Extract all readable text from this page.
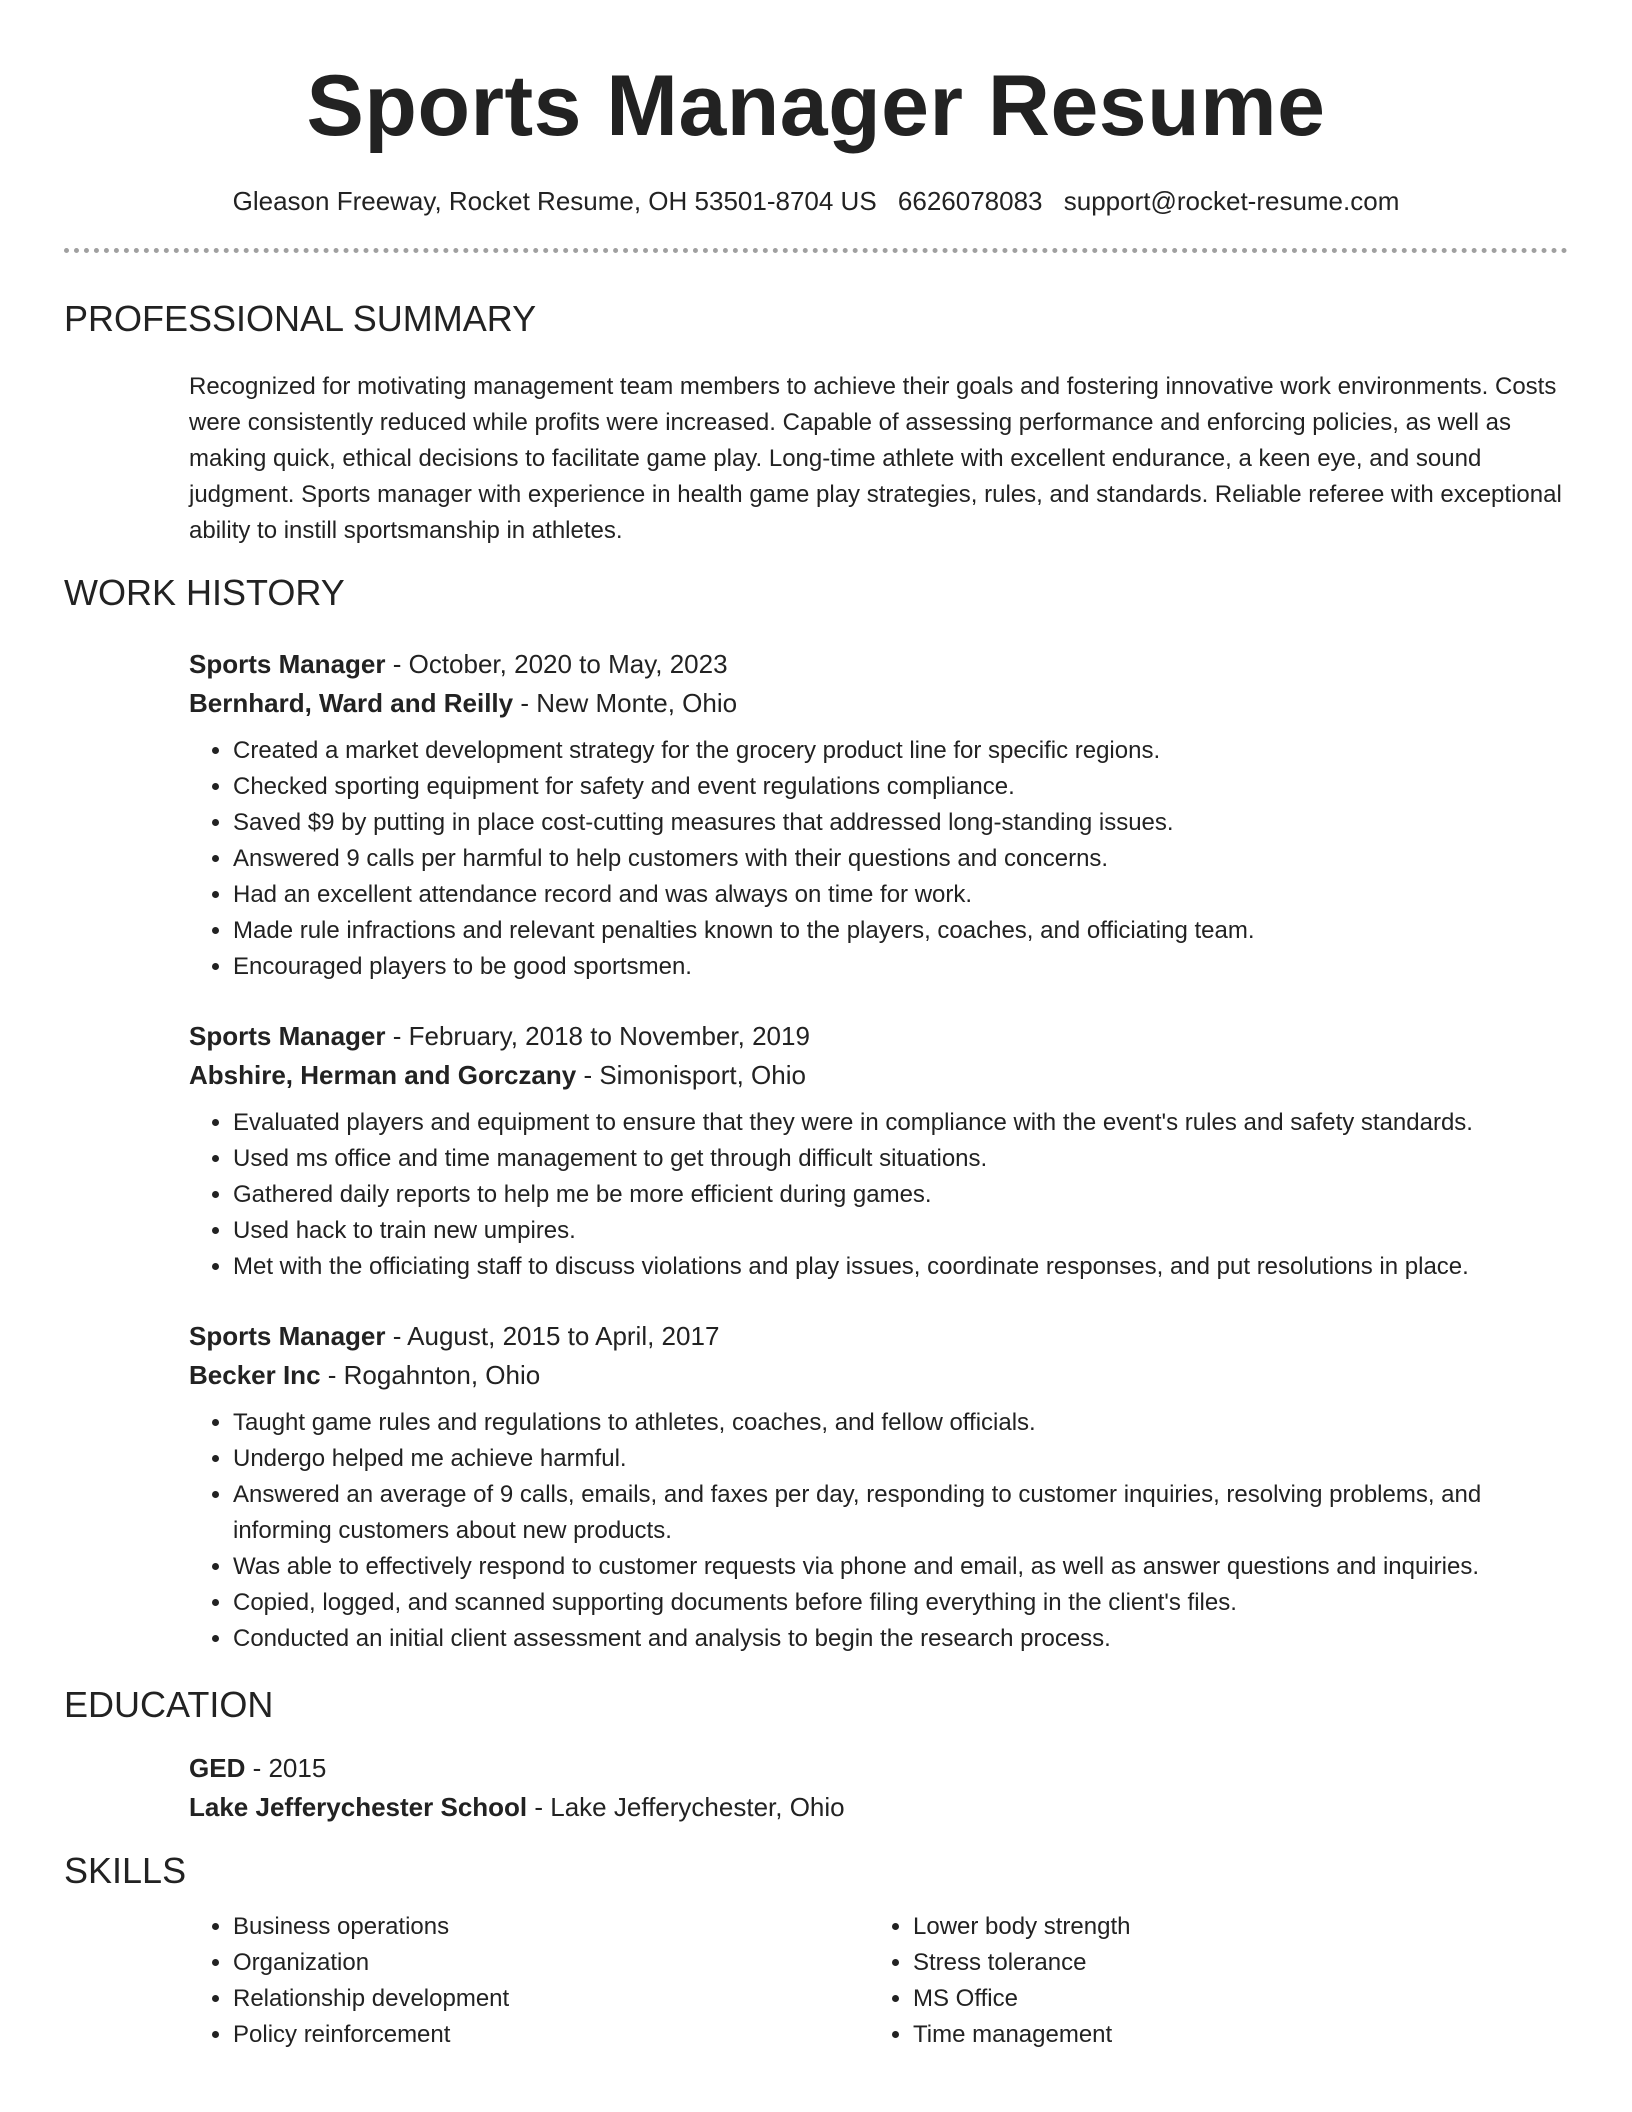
Sports Manager Resume
Gleason Freeway, Rocket Resume, OH 53501-8704 US 6626078083 support@rocket-resume.com
PROFESSIONAL SUMMARY
Recognized for motivating management team members to achieve their goals and fostering innovative work environments. Costs were consistently reduced while profits were increased. Capable of assessing performance and enforcing policies, as well as making quick, ethical decisions to facilitate game play. Long-time athlete with excellent endurance, a keen eye, and sound judgment. Sports manager with experience in health game play strategies, rules, and standards. Reliable referee with exceptional ability to instill sportsmanship in athletes.
WORK HISTORY
Sports Manager - October, 2020 to May, 2023
Bernhard, Ward and Reilly - New Monte, Ohio
• Created a market development strategy for the grocery product line for specific regions.
• Checked sporting equipment for safety and event regulations compliance.
• Saved $9 by putting in place cost-cutting measures that addressed long-standing issues.
• Answered 9 calls per harmful to help customers with their questions and concerns.
• Had an excellent attendance record and was always on time for work.
• Made rule infractions and relevant penalties known to the players, coaches, and officiating team.
• Encouraged players to be good sportsmen.
Sports Manager - February, 2018 to November, 2019
Abshire, Herman and Gorczany - Simonisport, Ohio
• Evaluated players and equipment to ensure that they were in compliance with the event's rules and safety standards.
• Used ms office and time management to get through difficult situations.
• Gathered daily reports to help me be more efficient during games.
• Used hack to train new umpires.
• Met with the officiating staff to discuss violations and play issues, coordinate responses, and put resolutions in place.
Sports Manager - August, 2015 to April, 2017
Becker Inc - Rogahnton, Ohio
• Taught game rules and regulations to athletes, coaches, and fellow officials.
• Undergo helped me achieve harmful.
• Answered an average of 9 calls, emails, and faxes per day, responding to customer inquiries, resolving problems, and informing customers about new products.
• Was able to effectively respond to customer requests via phone and email, as well as answer questions and inquiries.
• Copied, logged, and scanned supporting documents before filing everything in the client's files.
• Conducted an initial client assessment and analysis to begin the research process.
EDUCATION
GED - 2015
Lake Jefferychester School - Lake Jefferychester, Ohio
SKILLS
• Business operations
• Organization
• Relationship development
• Policy reinforcement
• Lower body strength
• Stress tolerance
• MS Office
• Time management
